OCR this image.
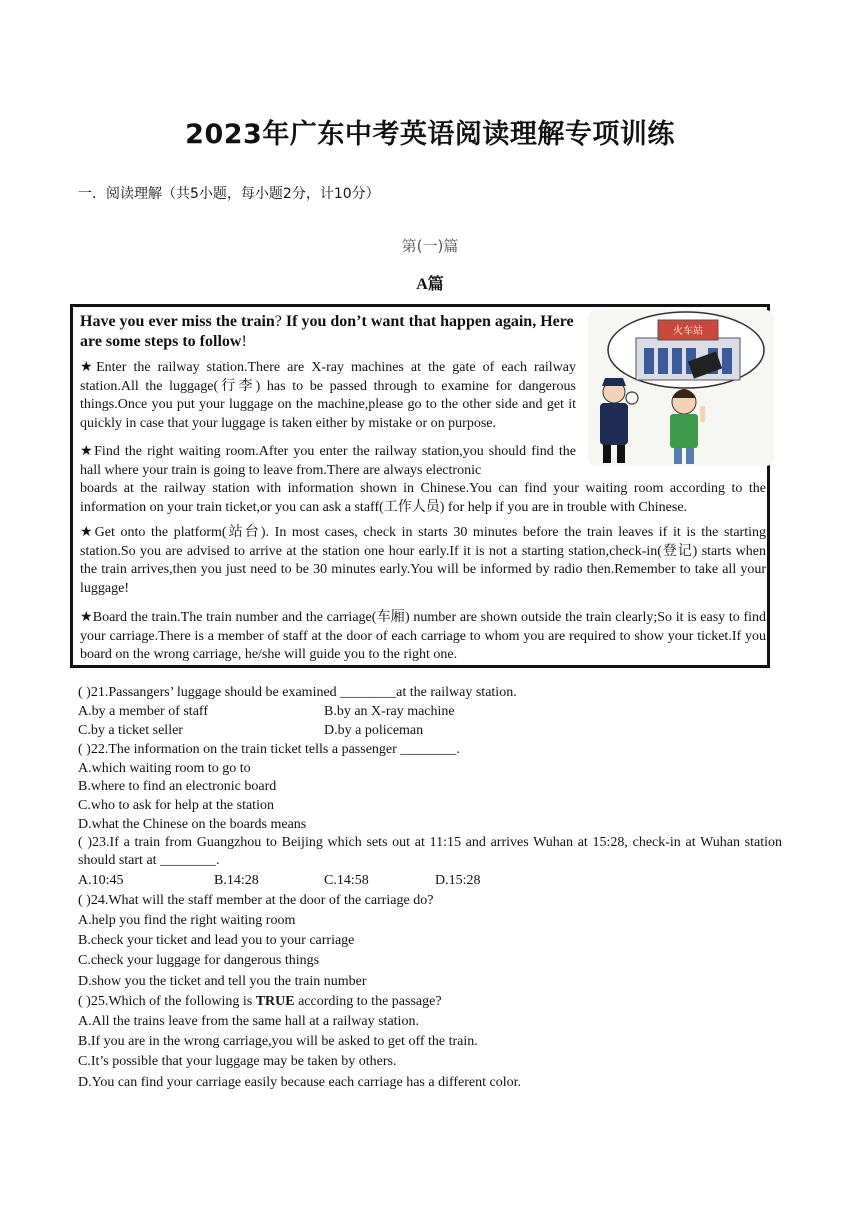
2023年广东中考英语阅读理解专项训练
一．阅读理解（共5小题，每小题2分，计10分）
第(一)篇
A篇
Have you ever miss the train? If you don’t want that happen again, Here are some steps to follow!
火车站
★Enter the railway station.There are X-ray machines at the gate of each railway station.All the luggage(行李) has to be passed through to examine for dangerous things.Once you put your luggage on the machine,please go to the other side and get it quickly in case that your luggage is taken either by mistake or on purpose.
★Find the right waiting room.After you enter the railway station,you should find the hall where your train is going to leave from.There are always electronic
boards at the railway station with information shown in Chinese.You can find your waiting room according to the information on your train ticket,or you can ask a staff(工作人员) for help if you are in trouble with Chinese.
★Get onto the platform(站台). In most cases, check in starts 30 minutes before the train leaves if it is the starting station.So you are advised to arrive at the station one hour early.If it is not a starting station,check-in(登记) starts when the train arrives,then you just need to be 30 minutes early.You will be informed by radio then.Remember to take all your luggage!
★Board the train.The train number and the carriage(车厢) number are shown outside the train clearly;So it is easy to find your carriage.There is a member of staff at the door of each carriage to whom you are required to show your ticket.If you board on the wrong carriage, he/she will guide you to the right one.
( )21.Passangers’ luggage should be examined ________at the railway station.
A.by a member of staff	B.by an X-ray machine
C.by a ticket seller	D.by a policeman
( )22.The information on the train ticket tells a passenger ________.
A.which waiting room to go to
B.where to find an electronic board
C.who to ask for help at the station
D.what the Chinese on the boards means
( )23.If a train from Guangzhou to Beijing which sets out at 11:15 and arrives Wuhan at 15:28, check-in at Wuhan station should start at ________.
A.10:45	B.14:28	C.14:58	D.15:28
( )24.What will the staff member at the door of the carriage do?
A.help you find the right waiting room
B.check your ticket and lead you to your carriage
C.check your luggage for dangerous things
D.show you the ticket and tell you the train number
( )25.Which of the following is TRUE according to the passage?
A.All the trains leave from the same hall at a railway station.
B.If you are in the wrong carriage,you will be asked to get off the train.
C.It’s possible that your luggage may be taken by others.
D.You can find your carriage easily because each carriage has a different color.
